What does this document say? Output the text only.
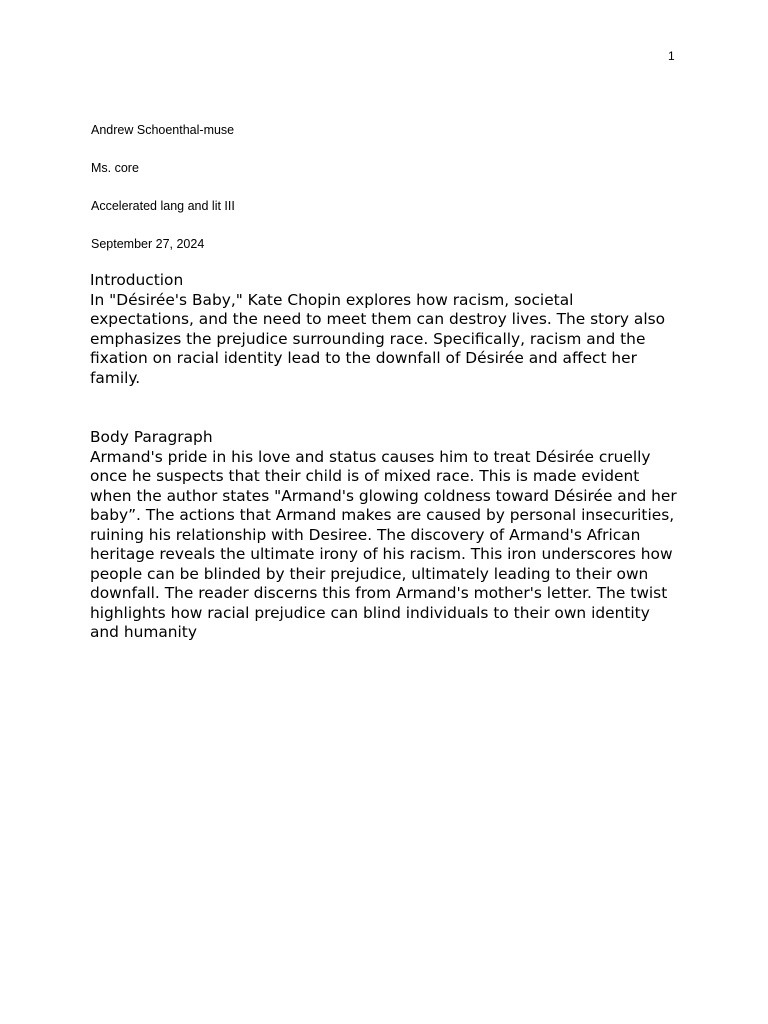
1

Andrew Schoenthal-muse

Ms. core

Accelerated lang and lit III

September 27, 2024

Introduction

In "Désirée's Baby," Kate Chopin explores how racism, societal expectations, and the need to meet them can destroy lives. The story also emphasizes the prejudice surrounding race. Specifically, racism and the fixation on racial identity lead to the downfall of Désirée and affect her family.

Body Paragraph

Armand's pride in his love and status causes him to treat Désirée cruelly once he suspects that their child is of mixed race. This is made evident when the author states "Armand's glowing coldness toward Désirée and her baby”. The actions that Armand makes are caused by personal insecurities, ruining his relationship with Desiree. The discovery of Armand's African heritage reveals the ultimate irony of his racism. This iron underscores how people can be blinded by their prejudice, ultimately leading to their own downfall. The reader discerns this from Armand's mother's letter. The twist highlights how racial prejudice can blind individuals to their own identity and humanity
